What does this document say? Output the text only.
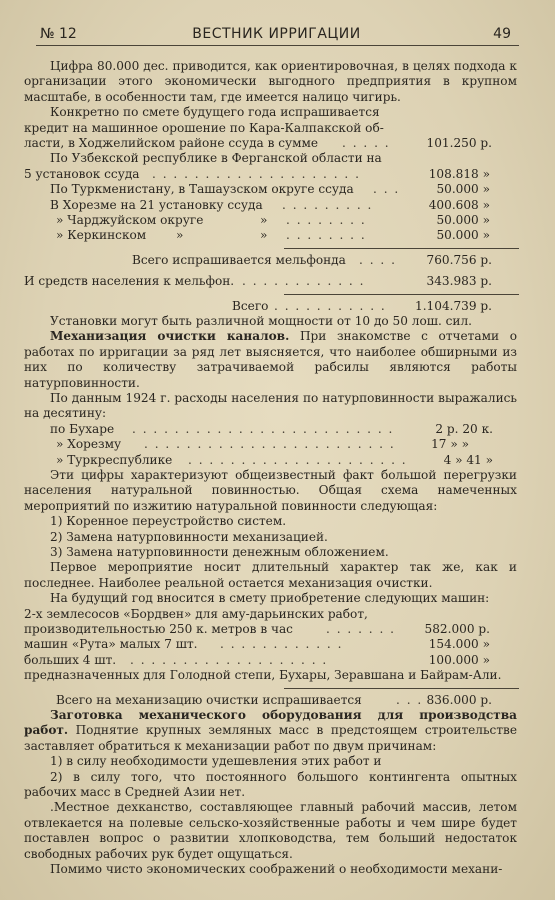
№ 12	ВЕСТНИК ИРРИГАЦИИ	49

Цифра 80.000 дес. приводится, как ориентировочная, в целях подхода к организации этого экономически выгодного предприятия в крупном масштабе, в особенности там, где имеется налицо чигирь.

Конкретно по смете будущего года испрашивается

кредит на машинное орошение по Кара-Калпакской об-
ласти, в Ходжелийском районе ссуда в сумме . . . . .	101.250 р.
По Узбекской республике в Ферганской области на
5 установок ссуда . . . . . . . . . . . . . . . . . . . .	108.818 »
По Туркменистану, в Ташаузском округе ссуда . . .	50.000 »
В Хорезме на 21 установку ссуда . . . . . . . . .	400.608 »
» Чарджуйском округе	» . . . . . . . .	50.000 »
» Керкинском »	» . . . . . . . .	50.000 »
Всего испрашивается мельфонда . . . . 760.756 р.
И средств населения к мельфон. . . . . . . . . . . . .	343.983 р.
Всего . . . . . . . . . . . 1.104.739 р.

Установки могут быть различной мощности от 10 до 50 лош. сил.

Механизация очистки каналов. При знакомстве с отчетами о работах по ирригации за ряд лет выясняется, что наиболее обширными из них по количеству затрачиваемой рабсилы являются работы натурповинности.

По данным 1924 г. расходы населения по натурповинности выражались на десятину:

по Бухаре . . . . . . . . . . . . . . . . . . . . . . . . .	2 р. 20 к.
» Хорезму . . . . . . . . . . . . . . . . . . . . . . . .	17 » »
» Туркреспублике . . . . . . . . . . . . . . . . . . . . .	4 » 41 »

Эти цифры характеризуют общеизвестный факт большой перегрузки населения натуральной повинностью. Общая схема намеченных мероприятий по изжитию натуральной повинности следующая:

1) Коренное переустройство систем.

2) Замена натурповинности механизацией.

3) Замена натурповинности денежным обложением.

Первое мероприятие носит длительный характер так же, как и последнее. Наиболее реальной остается механизация очистки.

На будущий год вносится в смету приобретение следующих машин:

2-х землесосов «Бордвен» для аму-дарьинских работ,
производительностью 250 к. метров в час	. . . . . . . 582.000 р.
машин «Рута» малых 7 шт. . . . . . . . . . . . .	154.000 »
больших 4 шт. . . . . . . . . . . . . . . . . . . .	100.000 »

предназначенных для Голодной степи, Бухары, Зеравшана и Байрам-Али.

Всего на механизацию очистки испрашивается	. . . 836.000 р.

Заготовка механического оборудования для производства работ. Поднятие крупных земляных масс в предстоящем строительстве заставляет обратиться к механизации работ по двум причинам:

1) в силу необходимости удешевления этих работ и

2) в силу того, что постоянного большого контингента опытных рабочих масс в Средней Азии нет.

.Местное дехканство, составляющее главный рабочий массив, летом отвлекается на полевые сельско-хозяйственные работы и чем шире будет поставлен вопрос о развитии хлопководства, тем больший недостаток свободных рабочих рук будет ощущаться.

Помимо чисто экономических соображений о необходимости механи-
